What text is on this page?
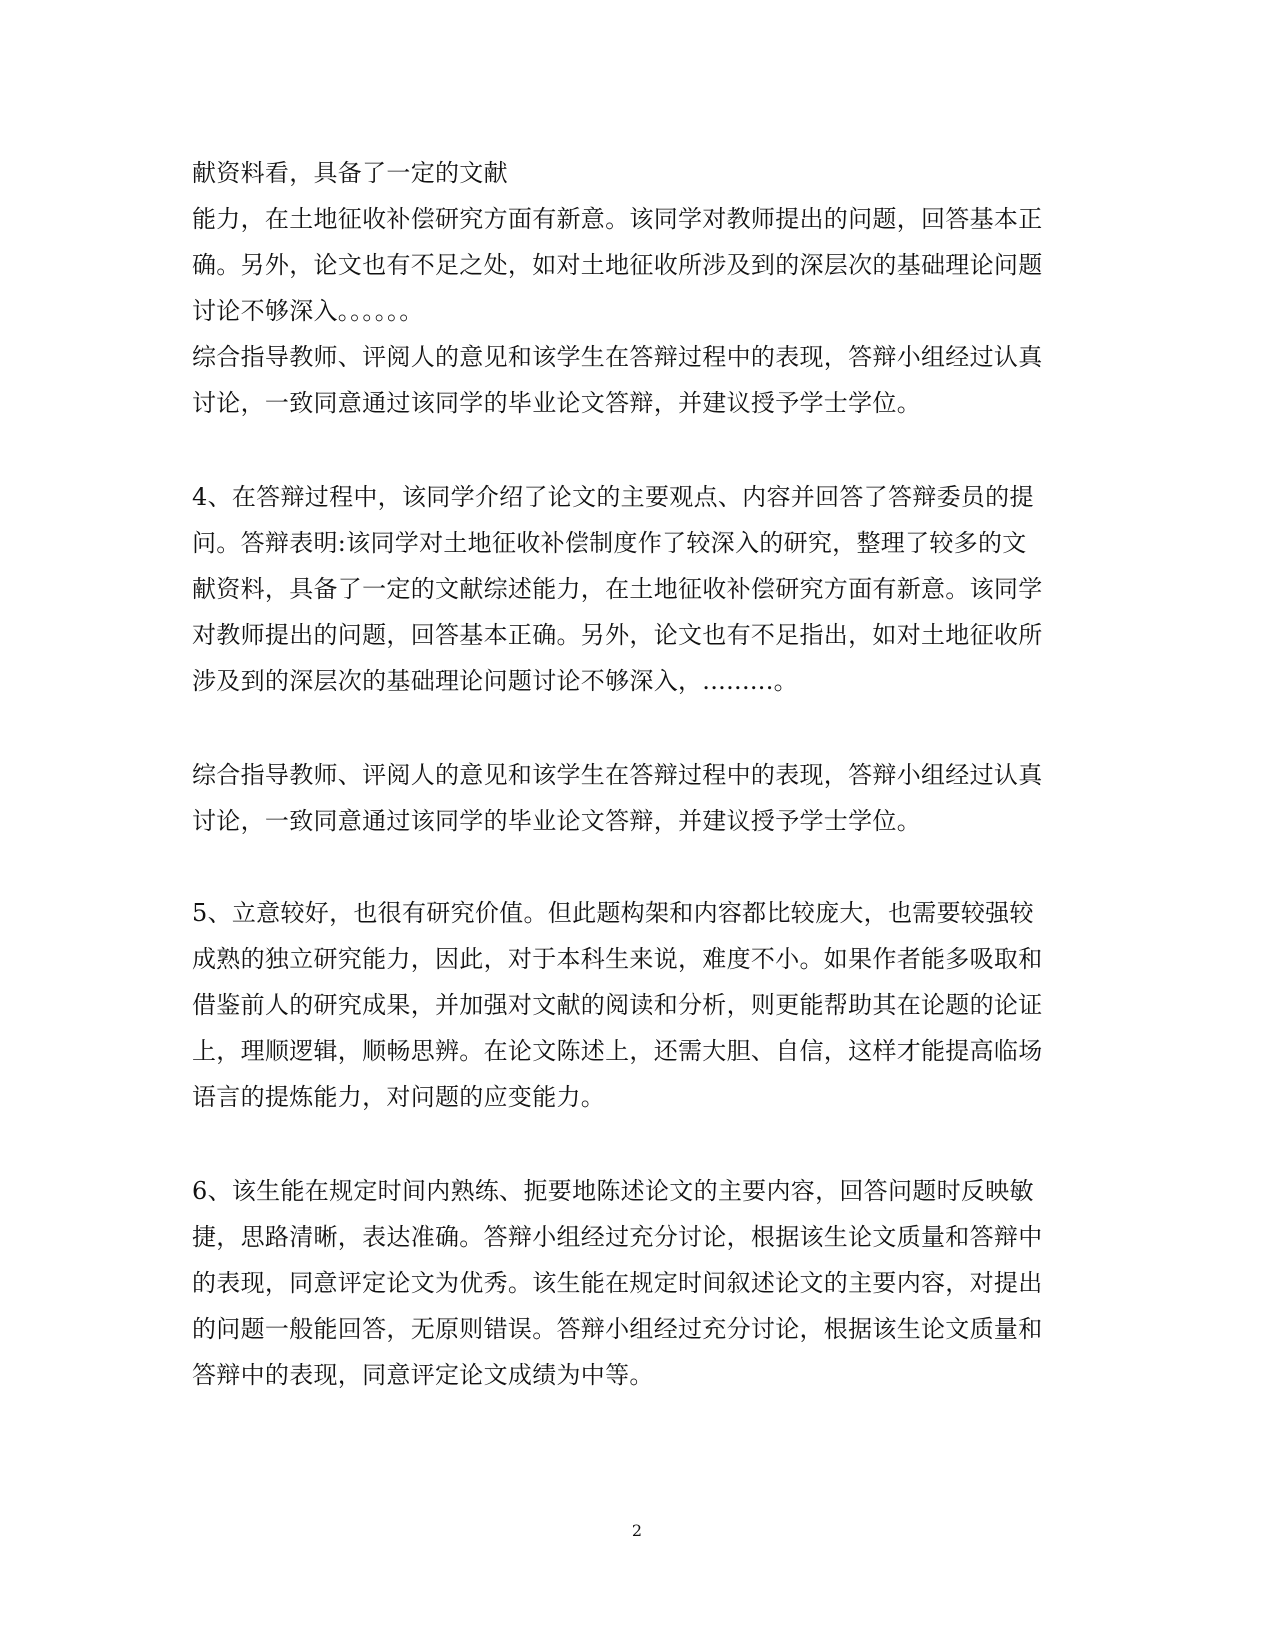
献资料看，具备了一定的文献
能力，在土地征收补偿研究方面有新意。该同学对教师提出的问题，回答基本正
确。另外，论文也有不足之处，如对土地征收所涉及到的深层次的基础理论问题
讨论不够深入。。。。。。
综合指导教师、评阅人的意见和该学生在答辩过程中的表现，答辩小组经过认真
讨论，一致同意通过该同学的毕业论文答辩，并建议授予学士学位。
4、在答辩过程中，该同学介绍了论文的主要观点、内容并回答了答辩委员的提
问。答辩表明:该同学对土地征收补偿制度作了较深入的研究，整理了较多的文
献资料，具备了一定的文献综述能力，在土地征收补偿研究方面有新意。该同学
对教师提出的问题，回答基本正确。另外，论文也有不足指出，如对土地征收所
涉及到的深层次的基础理论问题讨论不够深入，.........。
综合指导教师、评阅人的意见和该学生在答辩过程中的表现，答辩小组经过认真
讨论，一致同意通过该同学的毕业论文答辩，并建议授予学士学位。
5、立意较好，也很有研究价值。但此题构架和内容都比较庞大，也需要较强较
成熟的独立研究能力，因此，对于本科生来说，难度不小。如果作者能多吸取和
借鉴前人的研究成果，并加强对文献的阅读和分析，则更能帮助其在论题的论证
上，理顺逻辑，顺畅思辨。在论文陈述上，还需大胆、自信，这样才能提高临场
语言的提炼能力，对问题的应变能力。
6、该生能在规定时间内熟练、扼要地陈述论文的主要内容，回答问题时反映敏
捷，思路清晰，表达准确。答辩小组经过充分讨论，根据该生论文质量和答辩中
的表现，同意评定论文为优秀。该生能在规定时间叙述论文的主要内容，对提出
的问题一般能回答，无原则错误。答辩小组经过充分讨论，根据该生论文质量和
答辩中的表现，同意评定论文成绩为中等。
2
